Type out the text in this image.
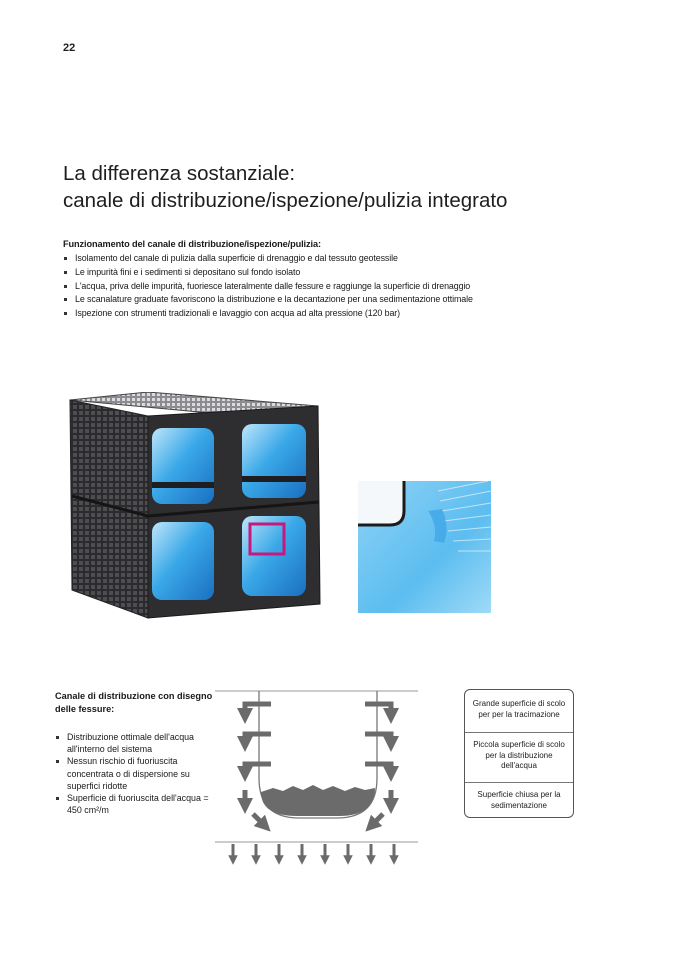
22
La differenza sostanziale:
canale di distribuzione/ispezione/pulizia integrato
Funzionamento del canale di distribuzione/ispezione/pulizia:
Isolamento del canale di pulizia dalla superficie di drenaggio e dal tessuto geotessile
Le impurità fini e i sedimenti si depositano sul fondo isolato
L'acqua, priva delle impurità, fuoriesce lateralmente dalle fessure e raggiunge la superficie di drenaggio
Le scanalature graduate favoriscono la distribuzione e la decantazione per una sedimentazione ottimale
Ispezione con strumenti tradizionali e lavaggio con acqua ad alta pressione (120 bar)
Canale di distribuzione con disegno delle fessure:
Distribuzione ottimale dell'acqua all'interno del sistema
Nessun rischio di fuoriuscita concentrata o di dispersione su superfici ridotte
Superficie di fuoriuscita dell'acqua = 450 cm²/m
Grande superficie di scolo per per la tracimazione
Piccola superficie di scolo per la distribuzione dell'acqua
Superficie chiusa per la sedimentazione
